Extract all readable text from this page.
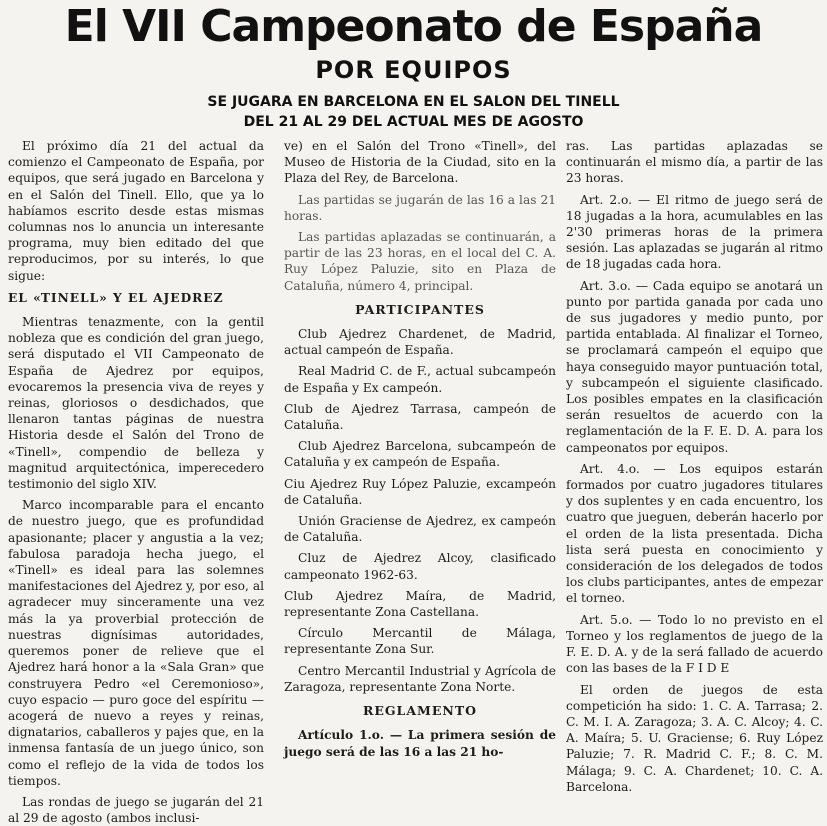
El VII Campeonato de España
POR EQUIPOS
SE JUGARA EN BARCELONA EN EL SALON DEL TINELL
DEL 21 AL 29 DEL ACTUAL MES DE AGOSTO

El próximo día 21 del actual da comienzo el Campeonato de España, por equipos, que será jugado en Barcelona y en el Salón del Tinell. Ello, que ya lo habíamos escrito desde estas mismas columnas nos lo anuncia un interesante programa, muy bien editado del que reproducimos, por su interés, lo que sigue:

EL «TINELL» Y EL AJEDREZ

Mientras tenazmente, con la gentil nobleza que es condición del gran juego, será disputado el VII Campeonato de España de Ajedrez por equipos, evocaremos la presencia viva de reyes y reinas, gloriosos o desdichados, que llenaron tantas páginas de nuestra Historia desde el Salón del Trono de «Tinell», compendio de belleza y magnitud arquitectónica, imperecedero testimonio del siglo XIV.

Marco incomparable para el encanto de nuestro juego, que es profundidad apasionante; placer y angustia a la vez; fabulosa paradoja hecha juego, el «Tinell» es ideal para las solemnes manifestaciones del Ajedrez y, por eso, al agradecer muy sinceramente una vez más la ya proverbial protección de nuestras dignísimas autoridades, queremos poner de relieve que el Ajedrez hará honor a la «Sala Gran» que construyera Pedro «el Ceremonioso», cuyo espacio — puro goce del espíritu — acogerá de nuevo a reyes y reinas, dignatarios, caballeros y pajes que, en la inmensa fantasía de un juego único, son como el reflejo de la vida de todos los tiempos.

Las rondas de juego se jugarán del 21 al 29 de agosto (ambos inclusi-

ve) en el Salón del Trono «Tinell», del Museo de Historia de la Ciudad, sito en la Plaza del Rey, de Barcelona.

Las partidas se jugarán de las 16 a las 21 horas.

Las partidas aplazadas se continuarán, a partir de las 23 horas, en el local del C. A. Ruy López Paluzie, sito en Plaza de Cataluña, número 4, principal.

PARTICIPANTES

Club Ajedrez Chardenet, de Madrid, actual campeón de España.

Real Madrid C. de F., actual subcampeón de España y Ex campeón.

Club de Ajedrez Tarrasa, campeón de Cataluña.

Club Ajedrez Barcelona, subcampeón de Cataluña y ex campeón de España.

Ciu Ajedrez Ruy López Paluzie, excampeón de Cataluña.

Unión Graciense de Ajedrez, ex campeón de Cataluña.

Cluz de Ajedrez Alcoy, clasificado campeonato 1962-63.

Club Ajedrez Maíra, de Madrid, representante Zona Castellana.

Círculo Mercantil de Málaga, representante Zona Sur.

Centro Mercantil Industrial y Agrícola de Zaragoza, representante Zona Norte.

REGLAMENTO

Artículo 1.o. — La primera sesión de juego será de las 16 a las 21 ho-

ras. Las partidas aplazadas se continuarán el mismo día, a partir de las 23 horas.

Art. 2.o. — El ritmo de juego será de 18 jugadas a la hora, acumulables en las 2'30 primeras horas de la primera sesión. Las aplazadas se jugarán al ritmo de 18 jugadas cada hora.

Art. 3.o. — Cada equipo se anotará un punto por partida ganada por cada uno de sus jugadores y medio punto, por partida entablada. Al finalizar el Torneo, se proclamará campeón el equipo que haya conseguido mayor puntuación total, y subcampeón el siguiente clasificado. Los posibles empates en la clasificación serán resueltos de acuerdo con la reglamentación de la F. E. D. A. para los campeonatos por equipos.

Art. 4.o. — Los equipos estarán formados por cuatro jugadores titulares y dos suplentes y en cada encuentro, los cuatro que jueguen, deberán hacerlo por el orden de la lista presentada. Dicha lista será puesta en conocimiento y consideración de los delegados de todos los clubs participantes, antes de empezar el torneo.

Art. 5.o. — Todo lo no previsto en el Torneo y los reglamentos de juego de la F. E. D. A. y de la será fallado de acuerdo con las bases de la F I D E

El orden de juegos de esta competición ha sido: 1. C. A. Tarrasa; 2. C. M. I. A. Zaragoza; 3. A. C. Alcoy; 4. C. A. Maíra; 5. U. Graciense; 6. Ruy López Paluzie; 7. R. Madrid C. F.; 8. C. M. Málaga; 9. C. A. Chardenet; 10. C. A. Barcelona.
